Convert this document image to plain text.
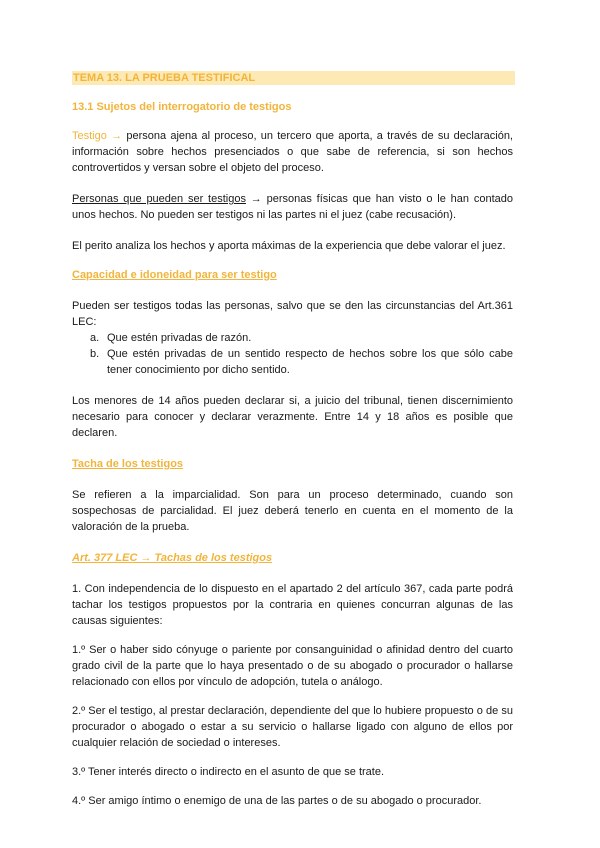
TEMA 13. LA PRUEBA TESTIFICAL
13.1 Sujetos del interrogatorio de testigos

Testigo → persona ajena al proceso, un tercero que aporta, a través de su declaración, información sobre hechos presenciados o que sabe de referencia, si son hechos controvertidos y versan sobre el objeto del proceso.

Personas que pueden ser testigos → personas físicas que han visto o le han contado unos hechos. No pueden ser testigos ni las partes ni el juez (cabe recusación).

El perito analiza los hechos y aporta máximas de la experiencia que debe valorar el juez.

Capacidad e idoneidad para ser testigo

Pueden ser testigos todas las personas, salvo que se den las circunstancias del Art.361 LEC:

a. Que estén privadas de razón.
b. Que estén privadas de un sentido respecto de hechos sobre los que sólo cabe tener conocimiento por dicho sentido.

Los menores de 14 años pueden declarar si, a juicio del tribunal, tienen discernimiento necesario para conocer y declarar verazmente. Entre 14 y 18 años es posible que declaren.

Tacha de los testigos

Se refieren a la imparcialidad. Son para un proceso determinado, cuando son sospechosas de parcialidad. El juez deberá tenerlo en cuenta en el momento de la valoración de la prueba.

Art. 377 LEC → Tachas de los testigos

1. Con independencia de lo dispuesto en el apartado 2 del artículo 367, cada parte podrá tachar los testigos propuestos por la contraria en quienes concurran algunas de las causas siguientes:

1.º Ser o haber sido cónyuge o pariente por consanguinidad o afinidad dentro del cuarto grado civil de la parte que lo haya presentado o de su abogado o procurador o hallarse relacionado con ellos por vínculo de adopción, tutela o análogo.

2.º Ser el testigo, al prestar declaración, dependiente del que lo hubiere propuesto o de su procurador o abogado o estar a su servicio o hallarse ligado con alguno de ellos por cualquier relación de sociedad o intereses.

3.º Tener interés directo o indirecto en el asunto de que se trate.

4.º Ser amigo íntimo o enemigo de una de las partes o de su abogado o procurador.
